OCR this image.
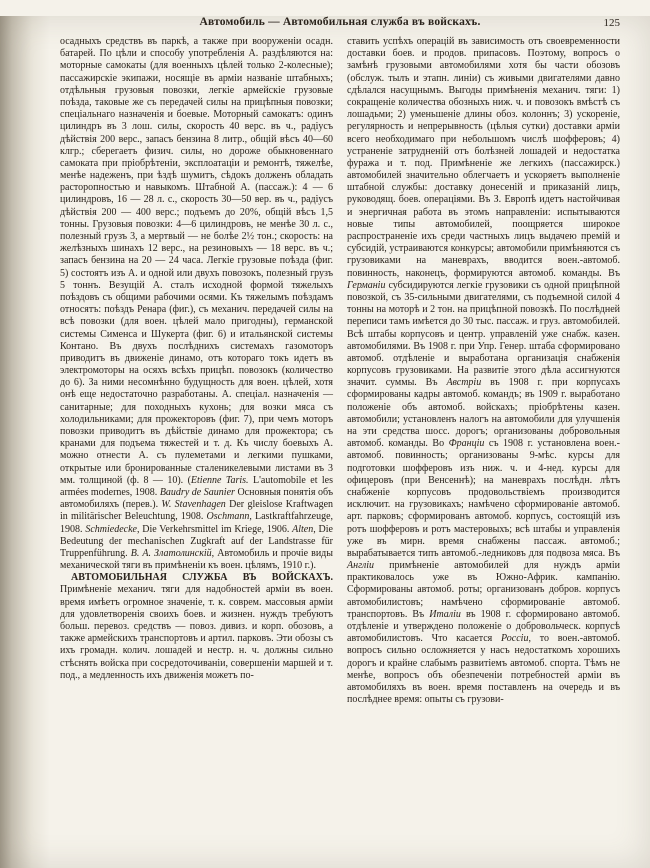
Автомобиль — Автомобильная служба въ войскахъ.	125

осадныхъ средствъ въ паркѣ, а также при вооруженіи осадн. батарей. По цѣли и способу употребленія А. раздѣляются на: моторные самокаты (для военныхъ цѣлей только 2-колесные); пассажирскіе экипажи, носящіе въ арміи названіе штабныхъ; отдѣльныя грузовыя повозки, легкіе армейскіе грузовые поѣзда, таковые же съ передачей силы на прицѣпныя повозки; спеціальнаго назначенія и боевые. Моторный самокатъ: одинъ цилиндръ въ 3 лош. силы, скорость 40 верс. въ ч., радіусъ дѣйствія 200 верс., запасъ бензина 8 литр., общій вѣсъ 40—60 клгр.; сберегаетъ физич. силы, но дороже обыкновеннаго самоката при пріобрѣтеніи, эксплоатаціи и ремонтѣ, тяжелѣе, менѣе надеженъ, при ѣздѣ шумитъ, сѣдокъ долженъ обладать расторопностью и навыкомъ. Штабной А. (пассаж.): 4 — 6 цилиндровъ, 16 — 28 л. с., скорость 30—50 вер. въ ч., радіусъ дѣйствія 200 — 400 верс.; подъемъ до 20%, общій вѣсъ 1,5 тонны. Грузовыя повозки: 4—6 цилиндровъ, не менѣе 30 л. с., полезный грузъ 3, а мертвый — не болѣе 2½ тон.; скорость: на желѣзныхъ шинахъ 12 верс., на резиновыхъ — 18 верс. въ ч.; запасъ бензина на 20 — 24 часа. Легкіе грузовые поѣзда (фиг. 5) состоятъ изъ А. и одной или двухъ повозокъ, полезный грузъ 5 тоннъ. Везущій А. сталъ исходной формой тяжелыхъ поѣздовъ съ общими рабочими осями. Къ тяжелымъ поѣздамъ относятъ: поѣздъ Ренара (фиг.), съ механич. передачей силы на всѣ повозки (для воен. цѣлей мало пригодны), германской системы Сименса и Шукерта (фиг. 6) и итальянской системы Контано. Въ двухъ послѣднихъ системахъ газомоторъ приводитъ въ движеніе динамо, отъ котораго токъ идетъ въ электромоторы на осяхъ всѣхъ прицѣп. повозокъ (количество до 6). За ними несомнѣнно будущность для воен. цѣлей, хотя онѣ еще недостаточно разработаны. А. спеціал. назначенія — санитарные; для походныхъ кухонь; для возки мяса съ холодильниками; для прожекторовъ (фиг. 7), при чемъ моторъ повозки приводитъ въ дѣйствіе динамо для прожектора; съ кранами для подъема тяжестей и т. д. Къ числу боевыхъ А. можно отнести А. съ пулеметами и легкими пушками, открытые или бронированные сталеникелевыми листами въ 3 мм. толщиной (ф. 8 — 10). (Etienne Taris. L'automobile et les armées modernes, 1908. Baudry de Saunier Основныя понятія объ автомобиляхъ (перев.). W. Stavenhagen Der gleislose Kraftwagen in militärischer Beleuchtung, 1908. Oschmann, Lastkraftfahrzeuge, 1908. Schmiedecke, Die Verkehrsmittel im Kriege, 1906. Alten, Die Bedeutung der mechanischen Zugkraft auf der Landstrasse für Truppenführung. В. А. Златолинскій, Автомобиль и прочіе виды механической тяги въ примѣненіи къ воен. цѣлямъ, 1910 г.).

АВТОМОБИЛЬНАЯ СЛУЖБА ВЪ ВОЙСКАХЪ. Примѣненіе механич. тяги для надобностей арміи въ воен. время имѣетъ огромное значеніе, т. к. соврем. массовыя арміи для удовлетворенія своихъ боев. и жизнен. нуждъ требуютъ больш. перевоз. средствъ — повоз. дивиз. и корп. обозовъ, а также армейскихъ транспортовъ и артил. парковъ. Эти обозы съ ихъ громадн. колич. лошадей и нестр. н. ч. должны сильно стѣснять войска при сосредоточиваніи, совершеніи маршей и т. под., а медленность ихъ движенія можетъ по-

ставить успѣхъ операцій въ зависимость отъ своевременности доставки боев. и продов. припасовъ. Поэтому, вопросъ о замѣнѣ грузовыми автомобилями хотя бы части обозовъ (обслуж. тылъ и этапн. линіи) съ живыми двигателями давно сдѣлался насущнымъ. Выгоды примѣненія механич. тяги: 1) сокращеніе количества обозныхъ ниж. ч. и повозокъ вмѣстѣ съ лошадьми; 2) уменьшеніе длины обоз. колоннъ; 3) ускореніе, регулярность и непрерывность (цѣлыя сутки) доставки арміи всего необходимаго при небольшомъ числѣ шофферовъ; 4) устраненіе затрудненій отъ болѣзней лошадей и недостатка фуража и т. под. Примѣненіе же легкихъ (пассажирск.) автомобилей значительно облегчаетъ и ускоряетъ выполненіе штабной службы: доставку донесеній и приказаній лицъ, руководящ. боев. операціями. Въ З. Европѣ идетъ настойчивая и энергичная работа въ этомъ направленіи: испытываются новые типы автомобилей, поощряется широкое распространеніе ихъ среди частныхъ лицъ выдачею премій и субсидій, устраиваются конкурсы; автомобили примѣняются съ грузовиками на маневрахъ, вводится воен.-автомоб. повинность, наконецъ, формируются автомоб. команды. Въ Германіи субсидируются легкіе грузовики съ одной прицѣпной повозкой, съ 35-сильными двигателями, съ подъемной силой 4 тонны на моторѣ и 2 тон. на прицѣпной повозкѣ. По послѣдней переписи тамъ имѣется до 30 тыс. пассаж. и груз. автомобилей. Всѣ штабы корпусовъ и центр. управленій уже снабж. казен. автомобилями. Въ 1908 г. при Упр. Генер. штаба сформировано автомоб. отдѣленіе и выработана организація снабженія корпусовъ грузовиками. На развитіе этого дѣла ассигнуются значит. суммы. Въ Австріи въ 1908 г. при корпусахъ сформированы кадры автомоб. командъ; въ 1909 г. выработано положеніе объ автомоб. войскахъ; пріобрѣтены казен. автомобили; установленъ налогъ на автомобили для улучшенія на эти средства шосс. дорогъ; организованы добровольныя автомоб. команды. Во Франціи съ 1908 г. установлена воен.-автомоб. повинность; организованы 9-мѣс. курсы для подготовки шофферовъ изъ ниж. ч. и 4-нед. курсы для офицеровъ (при Венсеннѣ); на маневрахъ послѣдн. лѣтъ снабженіе корпусовъ продовольствіемъ производится исключит. на грузовикахъ; намѣчено сформированіе автомоб. арт. парковъ; сформированъ автомоб. корпусъ, состоящій изъ ротъ шофферовъ и ротъ мастеровыхъ; всѣ штабы и управленія уже въ мирн. время снабжены пассаж. автомоб.; вырабатывается типъ автомоб.-ледниковъ для подвоза мяса. Въ Англіи примѣненіе автомобилей для нуждъ арміи практиковалось уже въ Южно-Африк. кампанію. Сформированы автомоб. роты; организованъ добров. корпусъ автомобилистовъ; намѣчено сформированіе автомоб. транспортовъ. Въ Италіи въ 1908 г. сформировано автомоб. отдѣленіе и утверждено положеніе о добровольческ. корпусѣ автомобилистовъ. Что касается Россіи, то воен.-автомоб. вопросъ сильно осложняется у насъ недостаткомъ хорошихъ дорогъ и крайне слабымъ развитіемъ автомоб. спорта. Тѣмъ не менѣе, вопросъ объ обезпеченіи потребностей арміи въ автомобиляхъ въ воен. время поставленъ на очередь и въ послѣднее время: опыты съ грузови-
